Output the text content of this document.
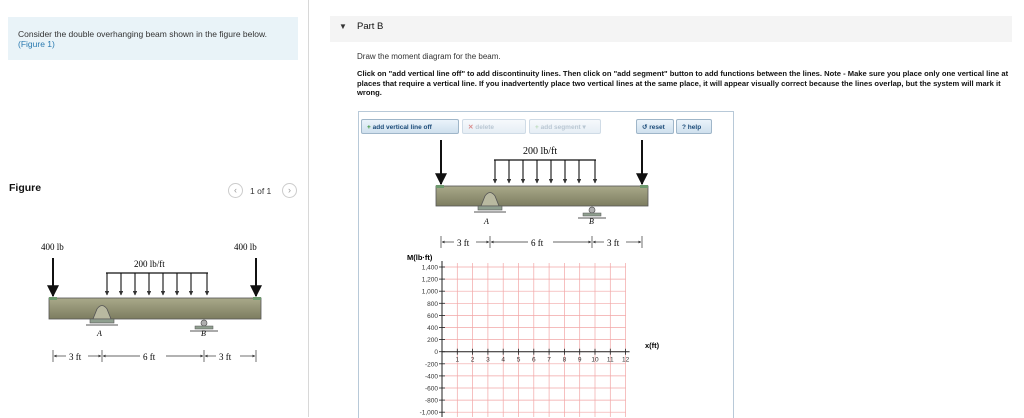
Consider the double overhanging beam shown in the figure below. (Figure 1)
Figure	‹	1 of 1	›
400 lb	400 lb
200 lb/ft
A	B
3 ft	6 ft	3 ft
▼ Part B
Draw the moment diagram for the beam.
Click on "add vertical line off" to add discontinuity lines. Then click on "add segment" button to add functions between the lines. Note - Make sure you place only one vertical line at places that require a vertical line. If you inadvertently place two vertical lines at the same place, it will appear visually correct because the lines overlap, but the system will mark it wrong.
200 lb/ft
A	B
3 ft	6 ft	3 ft
+ add vertical line off	✕ delete	+ add segment ▾	↺ reset	? help
M(lb·ft)
x(ft)
1,400
1,200
1,000
800
600
400
200
0
-200
-400
-600
-800
-1,000
1 2 3 4 5 6 7 8 9 10 11 12
